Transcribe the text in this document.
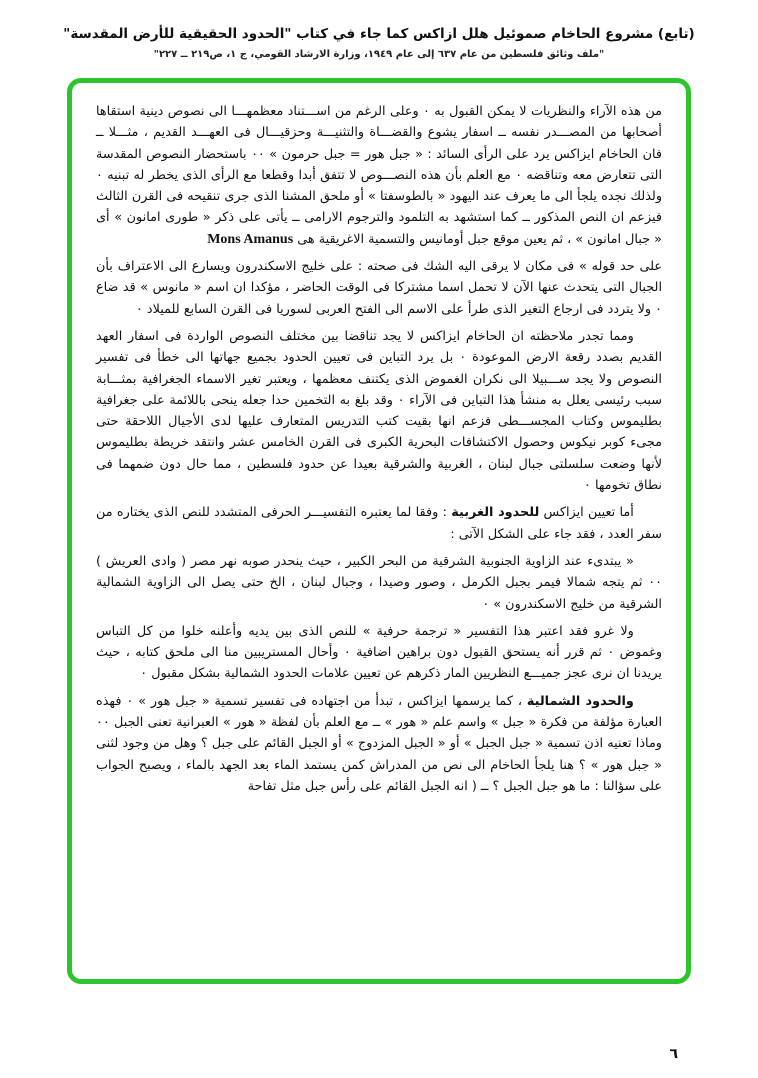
(تابع) مشروع الحاخام صموئيل هلل ازاكس كما جاء في كتاب "الحدود الحقيقية للأرض المقدسة"
"ملف وثائق فلسطين من عام ٦٣٧ إلى عام ١٩٤٩، وزارة الارشاد القومي، ج ١، ص٢١٩ ــ ٢٢٧"

من هذه الآراء والنظريات لا يمكن القبول به ٠ وعلى الرغم من اســـتناد معظمهـــا الى نصوص دينية استقاها أصحابها من المصـــدر نفسه ــ اسفار يشوع والقضـــاة والتثنيـــة وحزقيـــال فى العهـــد القديم ، مثـــلا ــ فان الحاخام ايزاكس يرد على الرأى السائد : « جبل هور = جبل حرمون » ٠٠ باستحضار النصوص المقدسة التى تتعارض معه وتناقضه ٠ مع العلم بأن هذه النصـــوص لا تتفق أبدا وقطعا مع الرأى الذى يخطر له تبنيه ٠ ولذلك نجده يلجأ الى ما يعرف عند اليهود « بالطوسفتا » أو ملحق المشنا الذى جرى تنقيحه فى القرن الثالث فيزعم ان النص المذكور ــ كما استشهد به التلمود والترجوم الارامى ــ يأتى على ذكر « طورى امانون » أى « جبال امانون » ، ثم يعين موقع جبل أومانيس والتسمية الاغريقية هى Mons Amanus

على حد قوله » فى مكان لا يرقى اليه الشك فى صحته : على خليج الاسكندرون ويسارع الى الاعتراف بأن الجبال التى يتحدث عنها الآن لا تحمل اسما مشتركا فى الوقت الحاضر ، مؤكدا ان اسم « مانوس » قد ضاع ٠ ولا يتردد فى ارجاع التغير الذى طرأ على الاسم الى الفتح العربى لسوريا فى القرن السابع للميلاد ٠

ومما تجدر ملاحظته ان الحاخام ايزاكس لا يجد تناقضا بين مختلف النصوص الواردة فى اسفار العهد القديم بصدد رقعة الارض الموعودة ٠ بل يرد التباين فى تعيين الحدود بجميع جهاتها الى خطأ فى تفسير النصوص ولا يجد ســـبيلا الى نكران الغموض الذى يكتنف معظمها ، ويعتبر تغير الاسماء الجغرافية بمثـــابة سبب رئيسى يعلل به منشأ هذا التباين فى الآراء ٠ وقد بلغ به التخمين حدا جعله ينحى باللائمة على جغرافية بطليموس وكتاب المجســـطى فزعم انها بقيت كتب التدريس المتعارف عليها لدى الأجيال اللاحقة حتى مجىء كوبر نيكوس وحصول الاكتشافات البحرية الكبرى فى القرن الخامس عشر وانتقد خريطة بطليموس لأنها وضعت سلسلتى جبال لبنان ، الغربية والشرقية بعيدا عن حدود فلسطين ، مما حال دون ضمهما فى نطاق تخومها ٠

أما تعيين ايزاكس للحدود الغربية : وفقا لما يعتبره التفسيـــر الحرفى المتشدد للنص الذى يختاره من سفر العدد ، فقد جاء على الشكل الآتى :

« يبتدىء عند الزاوية الجنوبية الشرقية من البحر الكبير ، حيث ينحدر صوبه نهر مصر ( وادى العريش ) ٠٠ ثم يتجه شمالا فيمر بجبل الكرمل ، وصور وصيدا ، وجبال لبنان ، الخ حتى يصل الى الزاوية الشمالية الشرقية من خليج الاسكندرون » ٠

ولا غرو فقد اعتبر هذا التفسير « ترجمة حرفية » للنص الذى بين يديه وأعلنه خلوا من كل التباس وغموض ٠ ثم قرر أنه يستحق القبول دون براهين اضافية ٠ وأحال المستريبين منا الى ملحق كتابه ، حيث يريدنا ان نرى عجز جميـــع النظريين المار ذكرهم عن تعيين علامات الحدود الشمالية بشكل مقبول ٠

والحدود الشمالية ، كما يرسمها ايزاكس ، تبدأ من اجتهاده فى تفسير تسمية « جبل هور » ٠ فهذه العبارة مؤلفة من فكرة « جبل » واسم علم « هور » ــ مع العلم بأن لفظة « هور » العبرانية تعنى الجبل ٠٠ وماذا تعنيه اذن تسمية « جبل الجبل » أو « الجبل المزدوج » أو الجبل القائم على جبل ؟ وهل من وجود لثنى « جبل هور » ؟ هنا يلجأ الحاخام الى نص من المدراش كمن يستمد الماء بعد الجهد بالماء ، ويصبح الجواب على سؤالنا : ما هو جبل الجبل ؟ ــ ( انه الجبل القائم على رأس جبل مثل تفاحة

٦
